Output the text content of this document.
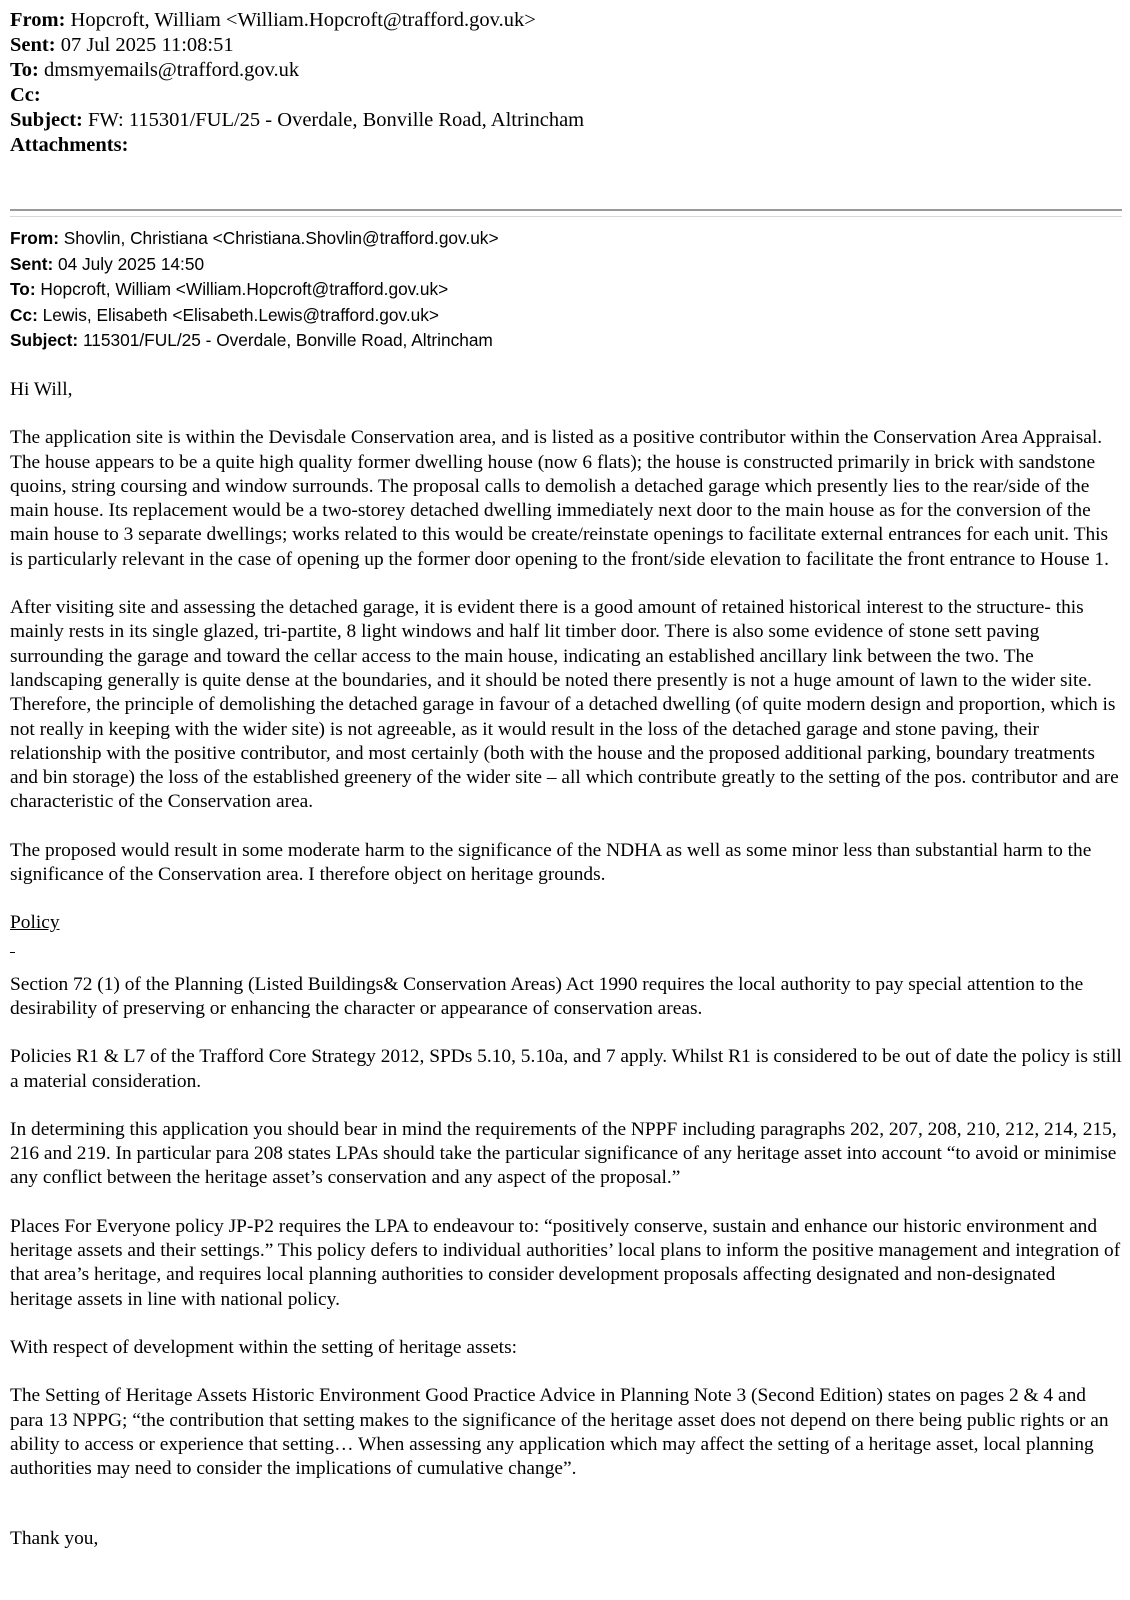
From: Hopcroft, William <William.Hopcroft@trafford.gov.uk>
Sent: 07 Jul 2025 11:08:51
To: dmsmyemails@trafford.gov.uk
Cc:
Subject: FW: 115301/FUL/25 - Overdale, Bonville Road, Altrincham
Attachments:
From: Shovlin, Christiana <Christiana.Shovlin@trafford.gov.uk>
Sent: 04 July 2025 14:50
To: Hopcroft, William <William.Hopcroft@trafford.gov.uk>
Cc: Lewis, Elisabeth <Elisabeth.Lewis@trafford.gov.uk>
Subject: 115301/FUL/25 - Overdale, Bonville Road, Altrincham

Hi Will,

The application site is within the Devisdale Conservation area, and is listed as a positive contributor within the Conservation Area Appraisal. The house appears to be a quite high quality former dwelling house (now 6 flats); the house is constructed primarily in brick with sandstone quoins, string coursing and window surrounds. The proposal calls to demolish a detached garage which presently lies to the rear/side of the main house. Its replacement would be a two-storey detached dwelling immediately next door to the main house as for the conversion of the main house to 3 separate dwellings; works related to this would be create/reinstate openings to facilitate external entrances for each unit. This is particularly relevant in the case of opening up the former door opening to the front/side elevation to facilitate the front entrance to House 1.

After visiting site and assessing the detached garage, it is evident there is a good amount of retained historical interest to the structure- this mainly rests in its single glazed, tri-partite, 8 light windows and half lit timber door. There is also some evidence of stone sett paving surrounding the garage and toward the cellar access to the main house, indicating an established ancillary link between the two. The landscaping generally is quite dense at the boundaries, and it should be noted there presently is not a huge amount of lawn to the wider site. Therefore, the principle of demolishing the detached garage in favour of a detached dwelling (of quite modern design and proportion, which is not really in keeping with the wider site) is not agreeable, as it would result in the loss of the detached garage and stone paving, their relationship with the positive contributor, and most certainly (both with the house and the proposed additional parking, boundary treatments and bin storage) the loss of the established greenery of the wider site – all which contribute greatly to the setting of the pos. contributor and are characteristic of the Conservation area.

The proposed would result in some moderate harm to the significance of the NDHA as well as some minor less than substantial harm to the significance of the Conservation area. I therefore object on heritage grounds.

Policy

Section 72 (1) of the Planning (Listed Buildings& Conservation Areas) Act 1990 requires the local authority to pay special attention to the desirability of preserving or enhancing the character or appearance of conservation areas.

Policies R1 & L7 of the Trafford Core Strategy 2012, SPDs 5.10, 5.10a, and 7 apply. Whilst R1 is considered to be out of date the policy is still a material consideration.

In determining this application you should bear in mind the requirements of the NPPF including paragraphs 202, 207, 208, 210, 212, 214, 215, 216 and 219. In particular para 208 states LPAs should take the particular significance of any heritage asset into account “to avoid or minimise any conflict between the heritage asset’s conservation and any aspect of the proposal.”

Places For Everyone policy JP-P2 requires the LPA to endeavour to: “positively conserve, sustain and enhance our historic environment and heritage assets and their settings.” This policy defers to individual authorities’ local plans to inform the positive management and integration of that area’s heritage, and requires local planning authorities to consider development proposals affecting designated and non-designated heritage assets in line with national policy.

With respect of development within the setting of heritage assets:

The Setting of Heritage Assets Historic Environment Good Practice Advice in Planning Note 3 (Second Edition) states on pages 2 & 4 and para 13 NPPG; “the contribution that setting makes to the significance of the heritage asset does not depend on there being public rights or an ability to access or experience that setting… When assessing any application which may affect the setting of a heritage asset, local planning authorities may need to consider the implications of cumulative change”.

Thank you,
